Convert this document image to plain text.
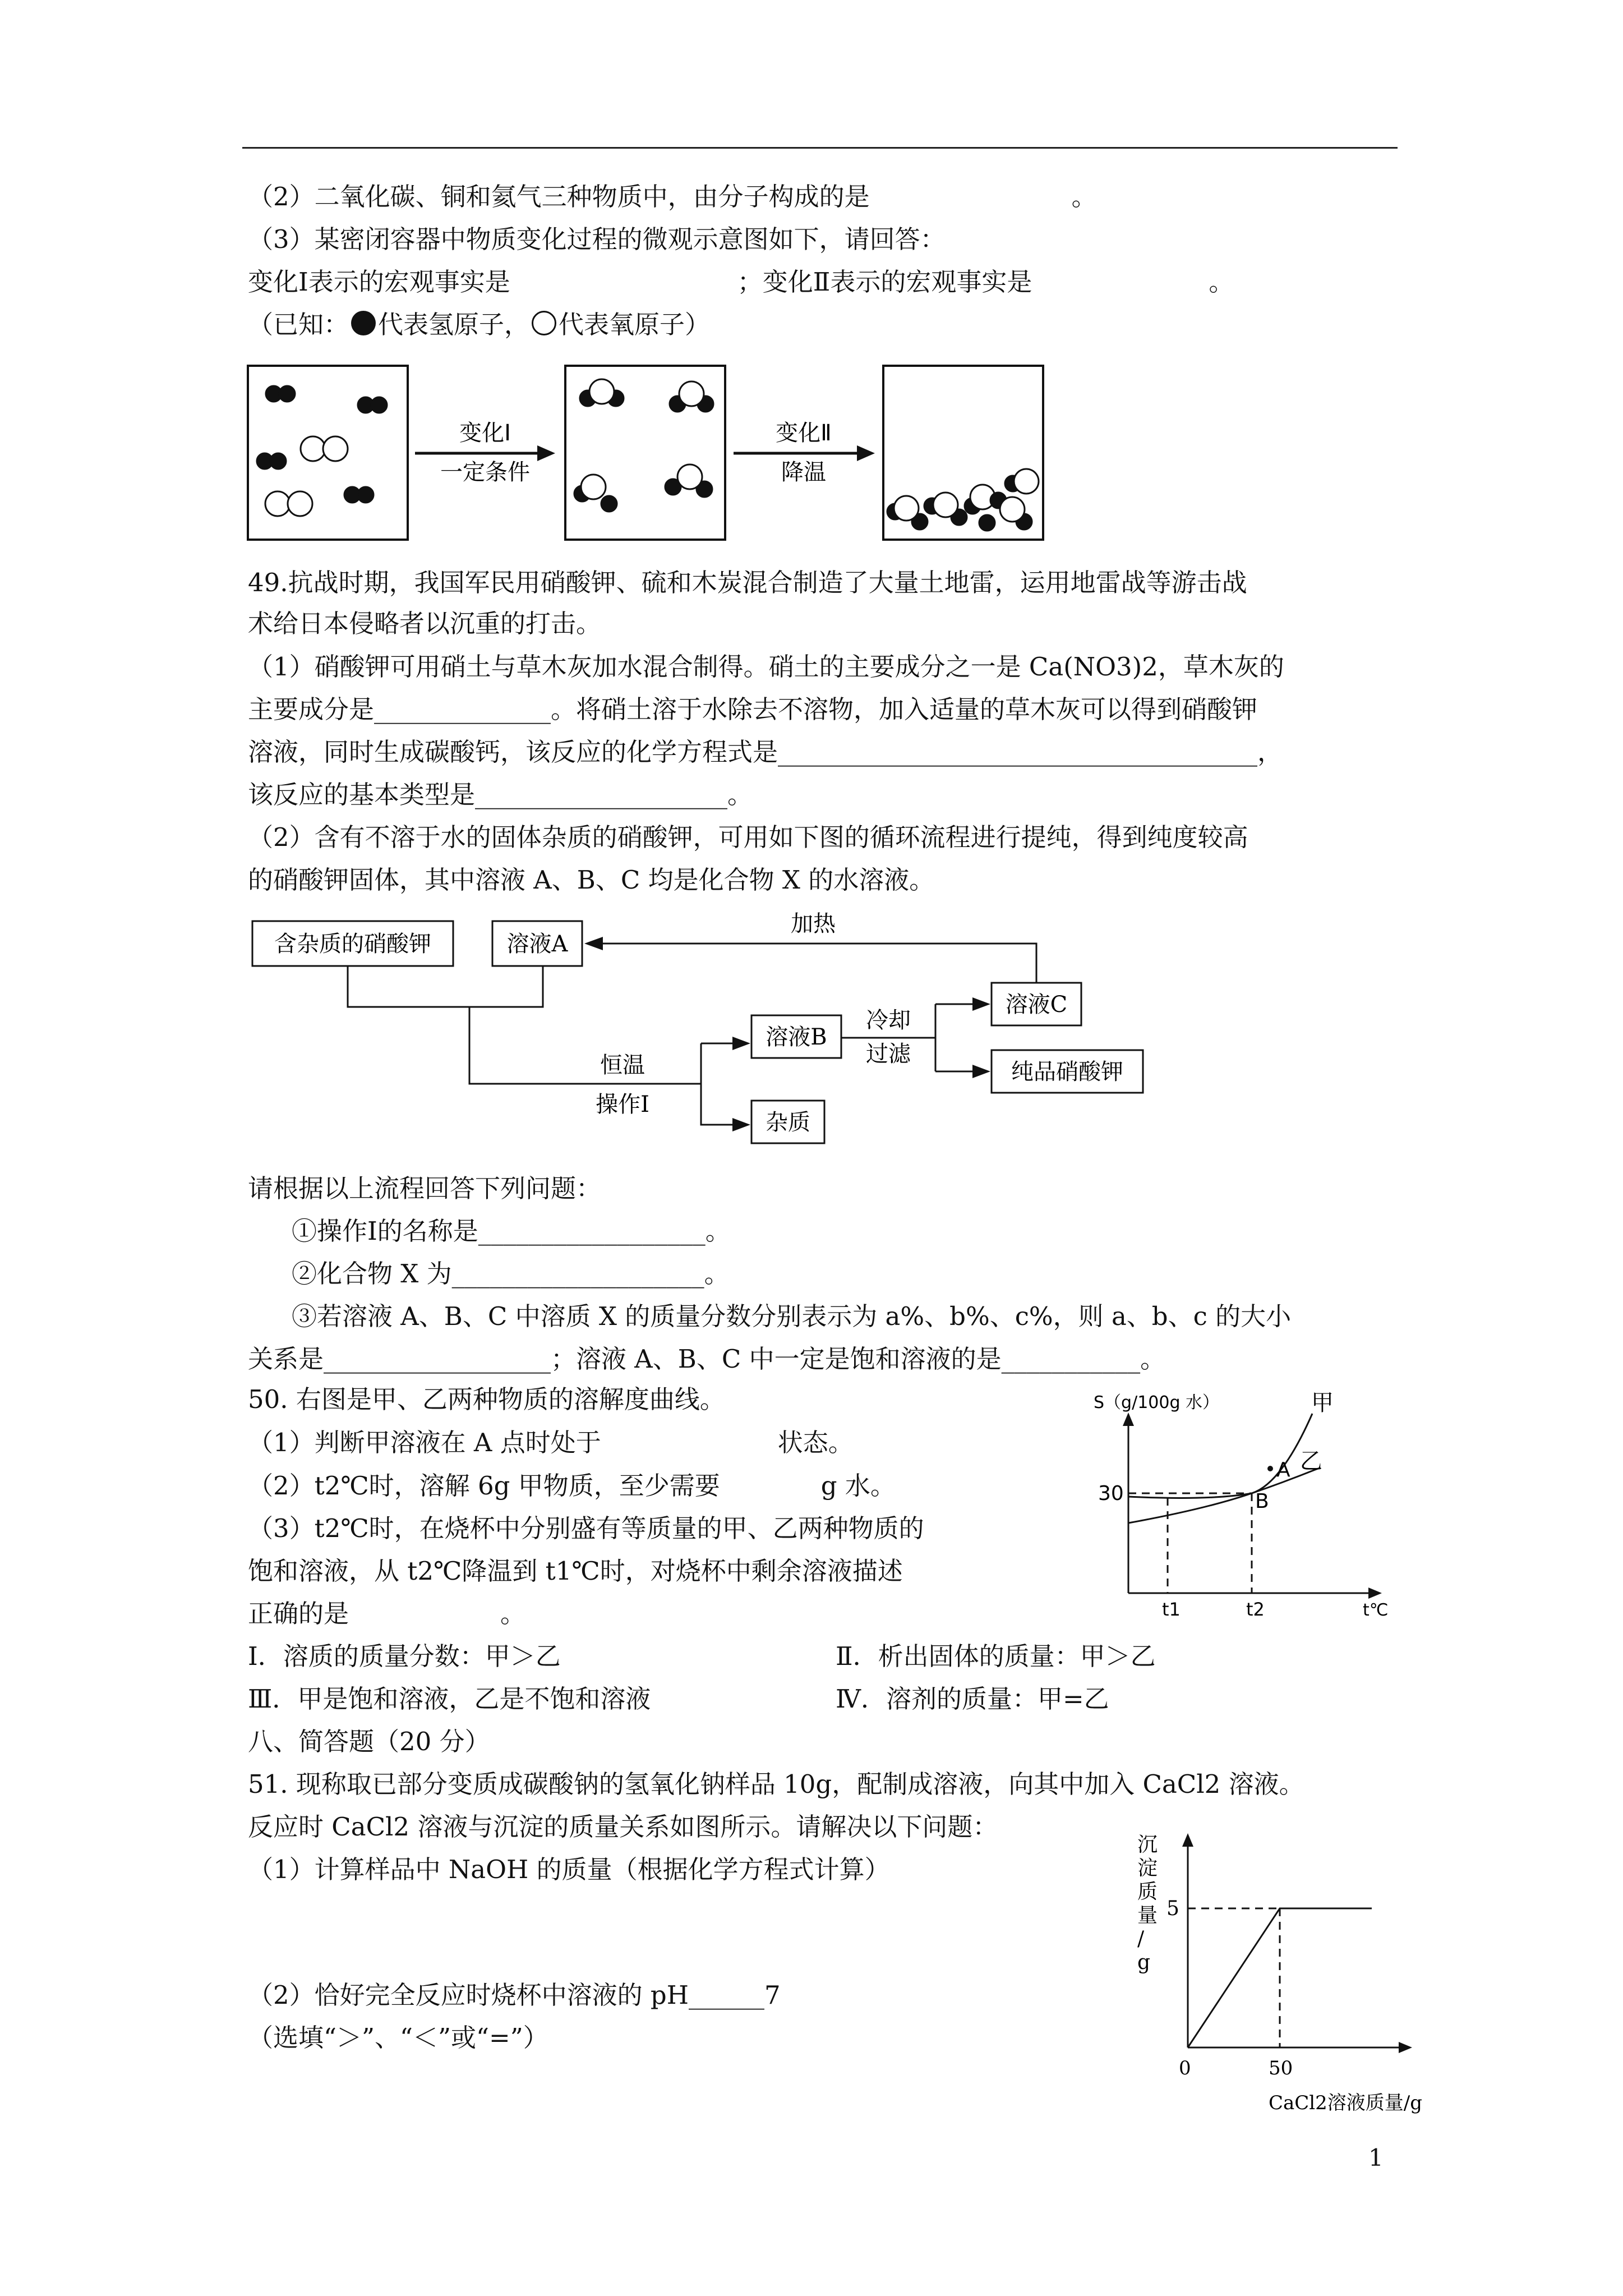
（2）二氧化碳、铜和氦气三种物质中，由分子构成的是　　　　　　　　。
（3）某密闭容器中物质变化过程的微观示意图如下，请回答：
变化Ⅰ表示的宏观事实是　　　　　　　　　；变化Ⅱ表示的宏观事实是　　　　　　　。
（已知： 代表氢原子， 代表氧原子）
变化Ⅰ
一定条件
变化Ⅱ
降温
49.抗战时期，我国军民用硝酸钾、硫和木炭混合制造了大量土地雷，运用地雷战等游击战
术给日本侵略者以沉重的打击。
（1）硝酸钾可用硝土与草木灰加水混合制得。硝土的主要成分之一是 Ca(NO3)2，草木灰的
主要成分是______________。将硝土溶于水除去不溶物，加入适量的草木灰可以得到硝酸钾
溶液，同时生成碳酸钙，该反应的化学方程式是______________________________________，
该反应的基本类型是____________________。
（2）含有不溶于水的固体杂质的硝酸钾，可用如下图的循环流程进行提纯，得到纯度较高
的硝酸钾固体，其中溶液 A、B、C 均是化合物 X 的水溶液。
含杂质的硝酸钾	溶液A
加热
溶液C
冷却
过滤
溶液B
纯品硝酸钾
恒温
操作Ⅰ
杂质
请根据以上流程回答下列问题：
①操作Ⅰ的名称是__________________。
②化合物 X 为____________________。
③若溶液 A、B、C 中溶质 X 的质量分数分别表示为 a%、b%、c%，则 a、b、c 的大小
关系是__________________；溶液 A、B、C 中一定是饱和溶液的是___________。
50. 右图是甲、乙两种物质的溶解度曲线。
（1）判断甲溶液在 A 点时处于　　　　　　　状态。
（2）t2℃时，溶解 6g 甲物质，至少需要　　　　g 水。
（3）t2℃时，在烧杯中分别盛有等质量的甲、乙两种物质的
饱和溶液，从 t2℃降温到 t1℃时，对烧杯中剩余溶液描述
正确的是　　　　　　。
S（g/100g 水）
30
t1	t2	t℃
甲
乙
A
B
Ⅰ．溶质的质量分数：甲＞乙	Ⅱ．析出固体的质量：甲＞乙
Ⅲ．甲是饱和溶液，乙是不饱和溶液	Ⅳ．溶剂的质量：甲=乙
八、简答题（20 分）
51. 现称取已部分变质成碳酸钠的氢氧化钠样品 10g，配制成溶液，向其中加入 CaCl2 溶液。
反应时 CaCl2 溶液与沉淀的质量关系如图所示。请解决以下问题：
（1）计算样品中 NaOH 的质量（根据化学方程式计算）
（2）恰好完全反应时烧杯中溶液的 pH______7
（选填“＞”、“＜”或“=”）
沉淀质量/ g
5
0	50
CaCl2溶液质量/g
1
